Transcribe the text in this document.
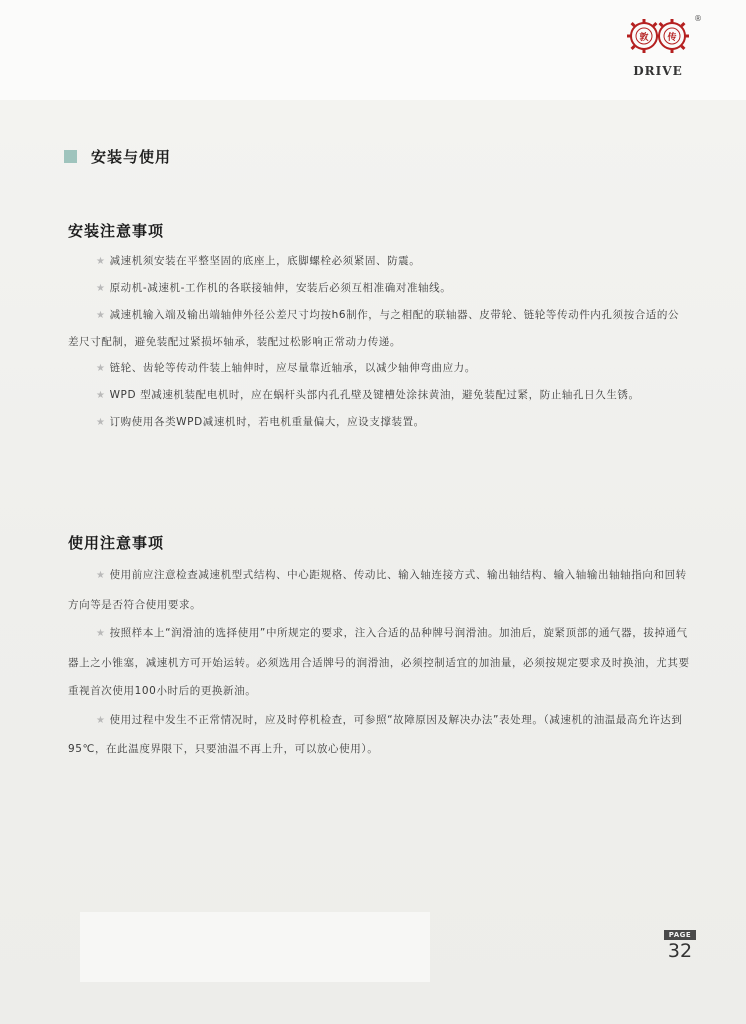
敦 传
DRIVE
®
安装与使用
安装注意事项

★ 减速机须安装在平整坚固的底座上，底脚螺栓必须紧固、防震。

★ 原动机-减速机-工作机的各联接轴伸，安装后必须互相准确对准轴线。

★ 减速机输入端及输出端轴伸外径公差尺寸均按h6制作，与之相配的联轴器、皮带轮、链轮等传动件内孔须按合适的公差尺寸配制，避免装配过紧损坏轴承，装配过松影响正常动力传递。

★ 链轮、齿轮等传动件装上轴伸时，应尽量靠近轴承，以减少轴伸弯曲应力。

★ WPD 型减速机装配电机时，应在蜗杆头部内孔孔壁及键槽处涂抹黄油，避免装配过紧，防止轴孔日久生锈。

★ 订购使用各类WPD减速机时，若电机重量偏大，应设支撑装置。

使用注意事项

★ 使用前应注意检查减速机型式结构、中心距规格、传动比、输入轴连接方式、输出轴结构、输入轴输出轴轴指向和回转方向等是否符合使用要求。

★ 按照样本上“润滑油的选择使用”中所规定的要求，注入合适的品种牌号润滑油。加油后，旋紧顶部的通气器，拔掉通气器上之小锥塞，减速机方可开始运转。必须选用合适牌号的润滑油，必须控制适宜的加油量，必须按规定要求及时换油，尤其要重视首次使用100小时后的更换新油。

★ 使用过程中发生不正常情况时，应及时停机检查，可参照“故障原因及解决办法”表处理。（减速机的油温最高允许达到95℃，在此温度界限下，只要油温不再上升，可以放心使用）。

PAGE
32
